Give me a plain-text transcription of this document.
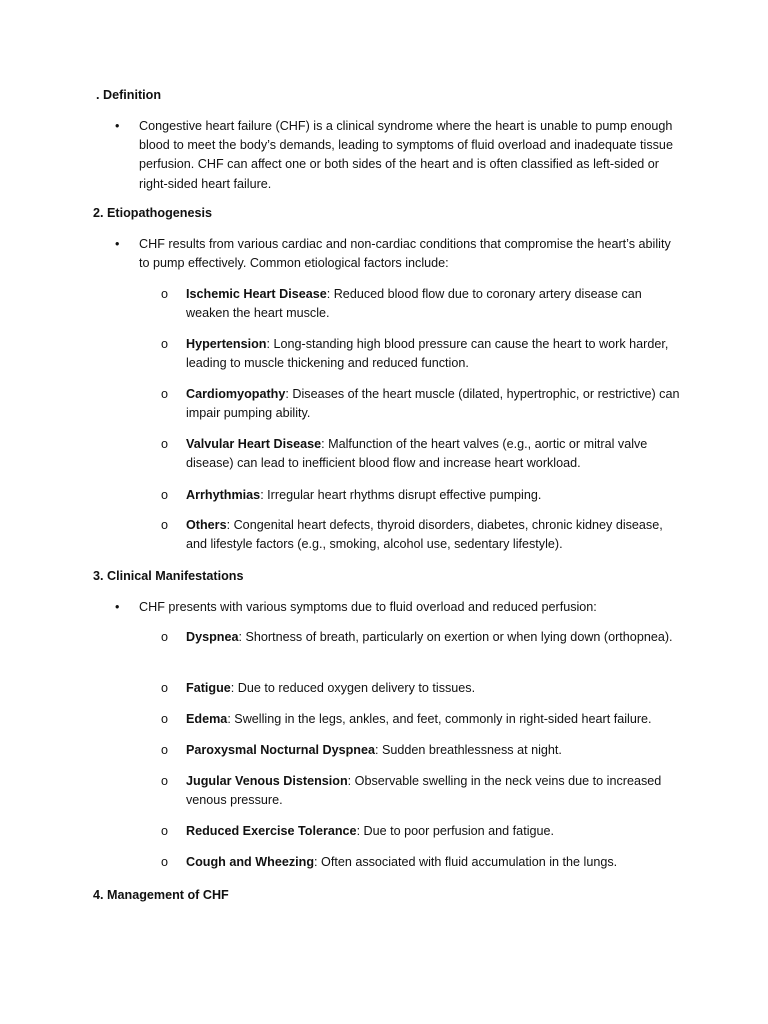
. Definition
• Congestive heart failure (CHF) is a clinical syndrome where the heart is unable to pump enough blood to meet the body’s demands, leading to symptoms of fluid overload and inadequate tissue perfusion. CHF can affect one or both sides of the heart and is often classified as left-sided or right-sided heart failure.
2. Etiopathogenesis
• CHF results from various cardiac and non-cardiac conditions that compromise the heart’s ability to pump effectively. Common etiological factors include:
o Ischemic Heart Disease: Reduced blood flow due to coronary artery disease can weaken the heart muscle.
o Hypertension: Long-standing high blood pressure can cause the heart to work harder, leading to muscle thickening and reduced function.
o Cardiomyopathy: Diseases of the heart muscle (dilated, hypertrophic, or restrictive) can impair pumping ability.
o Valvular Heart Disease: Malfunction of the heart valves (e.g., aortic or mitral valve disease) can lead to inefficient blood flow and increase heart workload.
o Arrhythmias: Irregular heart rhythms disrupt effective pumping.
o Others: Congenital heart defects, thyroid disorders, diabetes, chronic kidney disease, and lifestyle factors (e.g., smoking, alcohol use, sedentary lifestyle).
3. Clinical Manifestations
• CHF presents with various symptoms due to fluid overload and reduced perfusion:
o Dyspnea: Shortness of breath, particularly on exertion or when lying down (orthopnea).
o Fatigue: Due to reduced oxygen delivery to tissues.
o Edema: Swelling in the legs, ankles, and feet, commonly in right-sided heart failure.
o Paroxysmal Nocturnal Dyspnea: Sudden breathlessness at night.
o Jugular Venous Distension: Observable swelling in the neck veins due to increased venous pressure.
o Reduced Exercise Tolerance: Due to poor perfusion and fatigue.
o Cough and Wheezing: Often associated with fluid accumulation in the lungs.
4. Management of CHF
